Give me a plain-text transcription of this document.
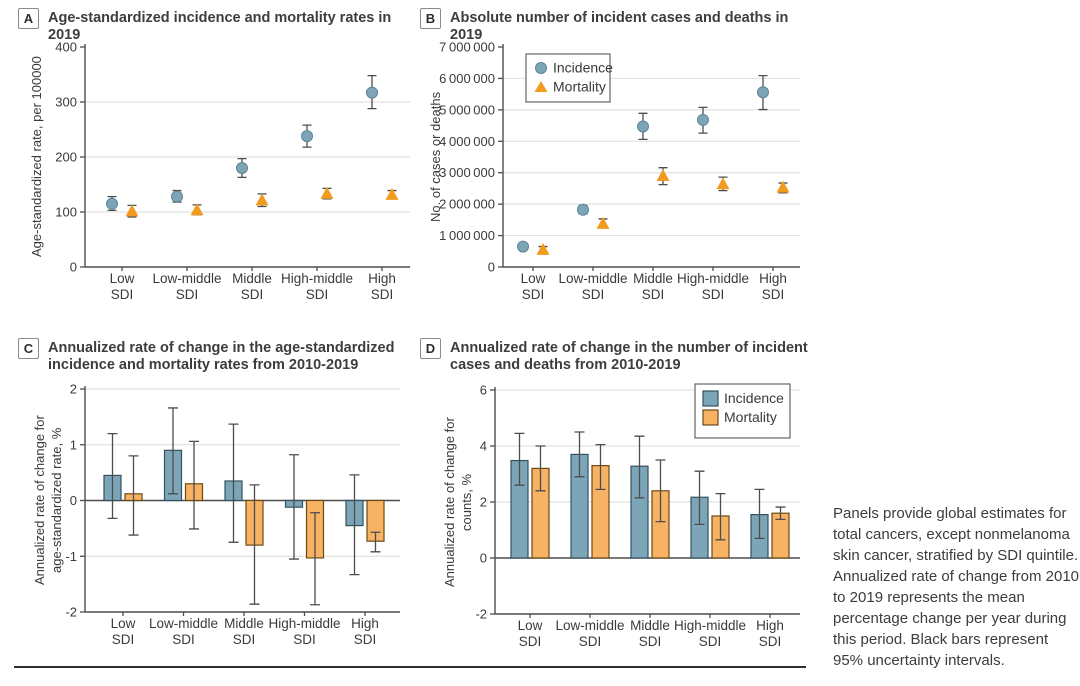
A	Age-standardized incidence and mortality rates in 2019
Age-standardized rate, per 100000
0
100
200
300
400
Low
SDI
Low-middle
SDI
Middle
SDI
High-middle
SDI
High
SDI
B	Absolute number of incident cases and deaths in 2019
No. of cases or deaths
0
1 000 000
2 000 000
3 000 000
4 000 000
5 000 000
6 000 000
7 000 000
Low
SDI
Low-middle
SDI
Middle
SDI
High-middle
SDI
High
SDI
Incidence
Mortality
C	Annualized rate of change in the age-standardized
incidence and mortality rates from 2010-2019
Annualized rate of change for age-standardized rate, %
-2
-1
0
1
2
Low
SDI
Low-middle
SDI
Middle
SDI
High-middle
SDI
High
SDI
D	Annualized rate of change in the number of incident
cases and deaths from 2010-2019
Annualized rate of change for counts, %
-2
0
2
4
6
Low
SDI
Low-middle
SDI
Middle
SDI
High-middle
SDI
High
SDI
Incidence
Mortality
Panels provide global estimates for total cancers, except nonmelanoma skin cancer, stratified by SDI quintile. Annualized rate of change from 2010 to 2019 represents the mean percentage change per year during this period. Black bars represent 95% uncertainty intervals.
